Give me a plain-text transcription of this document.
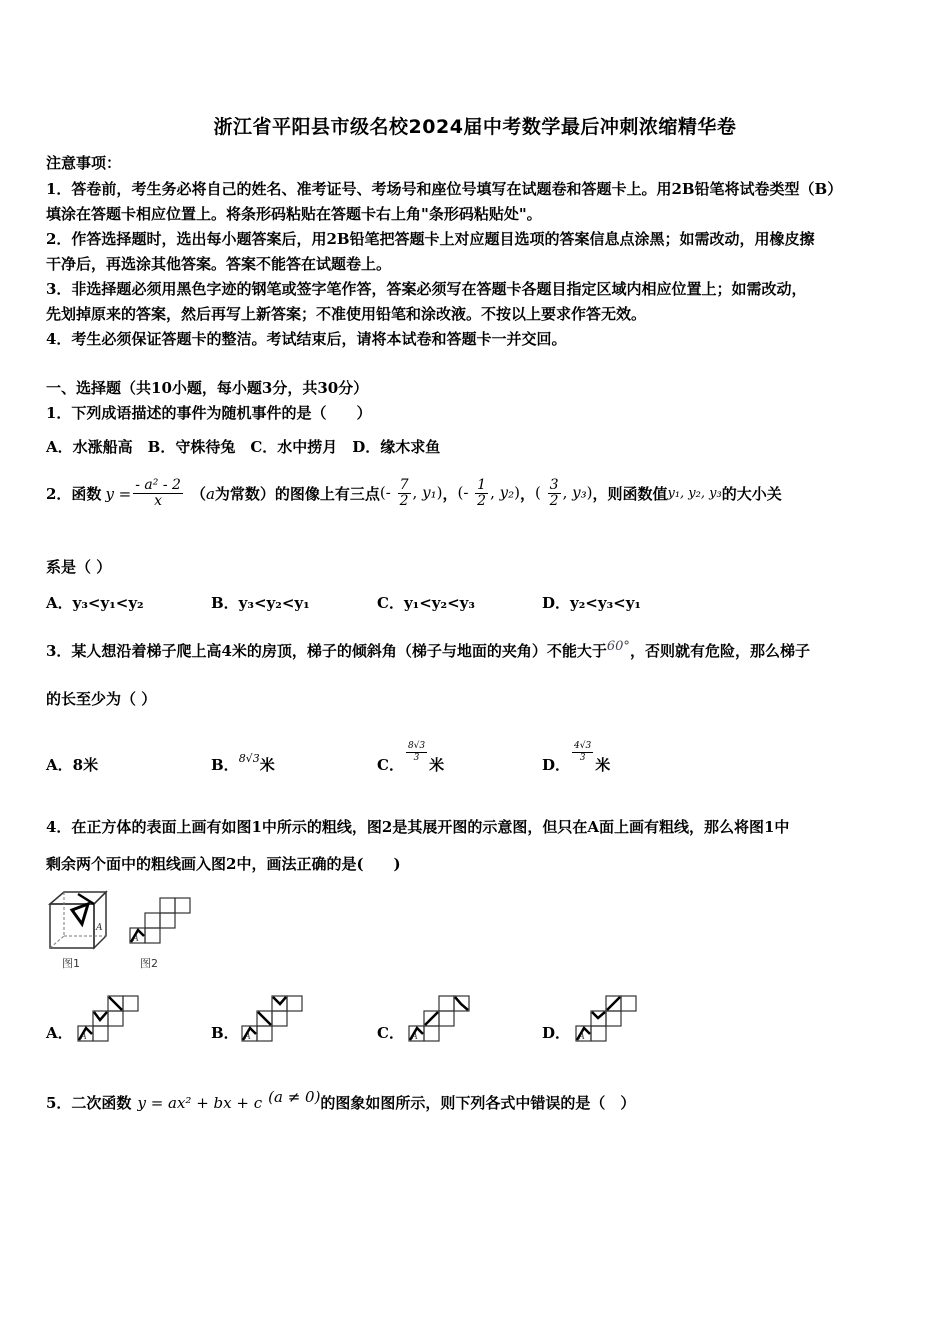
浙江省平阳县市级名校2024届中考数学最后冲刺浓缩精华卷
注意事项：
1．答卷前，考生务必将自己的姓名、准考证号、考场号和座位号填写在试题卷和答题卡上。用2B铅笔将试卷类型（B）
填涂在答题卡相应位置上。将条形码粘贴在答题卡右上角"条形码粘贴处"。
2．作答选择题时，选出每小题答案后，用2B铅笔把答题卡上对应题目选项的答案信息点涂黑；如需改动，用橡皮擦
干净后，再选涂其他答案。答案不能答在试题卷上。
3．非选择题必须用黑色字迹的钢笔或签字笔作答，答案必须写在答题卡各题目指定区域内相应位置上；如需改动，
先划掉原来的答案，然后再写上新答案；不准使用铅笔和涂改液。不按以上要求作答无效。
4．考生必须保证答题卡的整洁。考试结束后，请将本试卷和答题卡一并交回。
一、选择题（共10小题，每小题3分，共30分）
1．下列成语描述的事件为随机事件的是（　　）
A．水涨船高　B．守株待兔　C．水中捞月　D．缘木求鱼
2．函数 $y = \frac{\text{- a² - 2}}{x}$ （ a 为常数）的图像上有三点 (- $\frac{7}{2}$ , y₁) ， (- $\frac{1}{2}$ , y₂) ， ( $\frac{3}{2}$ , y₃) ，则函数值 y₁, y₂, y₃ 的大小关
系是（ ）
A．y₃<y₁<y₂	B．y₃<y₂<y₁	C．y₁<y₂<y₃	D．y₂<y₃<y₁
3．某人想沿着梯子爬上高4米的房顶，梯子的倾斜角（梯子与地面的夹角）不能大于60°，否则就有危险，那么梯子
的长至少为（ ）
A．8米	B．$^{8√3}$米	C．
$\frac{8√3}{3}$
米	D．
$\frac{4√3}{3}$
米
4．在正方体的表面上画有如图1中所示的粗线，图2是其展开图的示意图，但只在A面上画有粗线，那么将图1中
剩余两个面中的粗线画入图2中，画法正确的是(　　)
A
图1
A
图2
A． A	B． A	C． A	D． A
5．二次函数 y = ax² + bx + c (a ≠ 0) 的图象如图所示，则下列各式中错误的是（　）
